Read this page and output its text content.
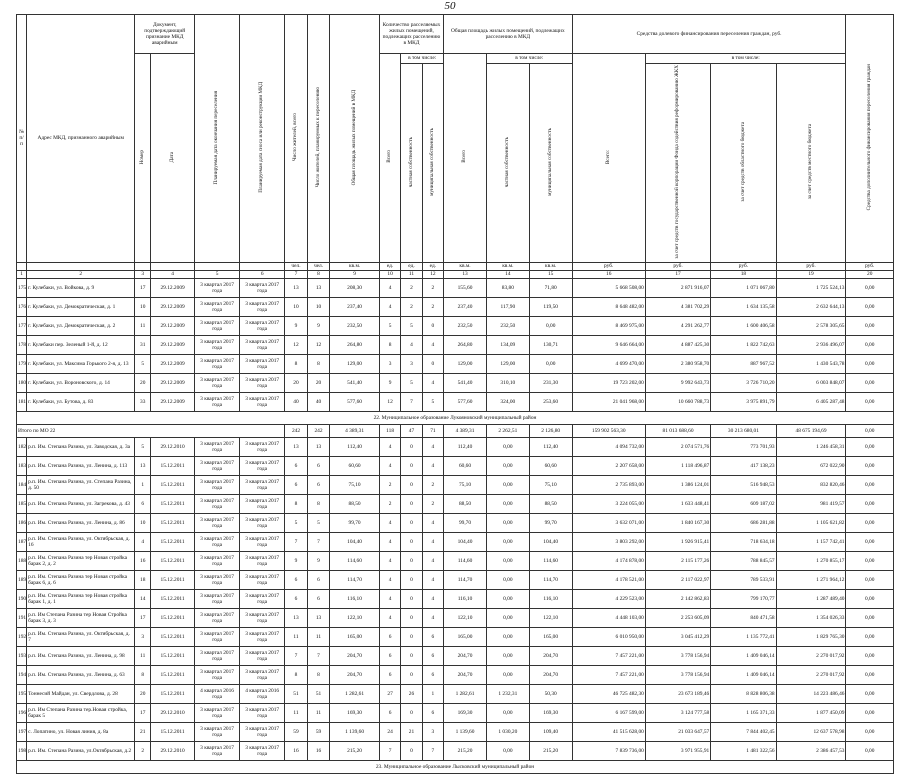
50
№ п/п	Адрес МКД, признанного аварийным	Документ, подтверждающий признание МКД аварийным		Планируемая дата окончания переселения	Планируемая дата сноса или реконструкции МКД	Число жителей, всего	Число жителей, планируемых к переселению	Общая площадь жилых помещений в МКД	Количество расселяемых жилых помещений, подлежащих расселению в МКД			Общая площадь жилых помещений, подлежащих расселению в МКД			Средства долевого финансирования переселения граждан, руб.				Средства дополнительного финансирования переселения граждан
		Номер	Дата						Всего	в том числе:		Всего	в том числе:		Всего:	в том числе:			
										частная собственность	муниципальная собственность		частная собственность	муниципальная собственность		за счет средств государственной корпорации Фонда содействия реформированию ЖКХ	за счет средств областного бюджета	за счет средств местного бюджета	
						чел.	чел.	кв.м.	ед.	ед.	ед.	кв.м.	кв.м.	кв.м.	руб.	руб.	руб.	руб.	руб.
1	2	3	4	5	6	7	8	9	10	11	12	13	14	15	16	17	18	19	20
175	г. Кулебаки, ул. Войкова, д. 9	17	29.12.2009	3 квартал 2017 года	3 квартал 2017 года	13	13	208,30	4	2	2	155,60	83,80	71,80	5 668 508,00	2 871 916,07	1 071 067,80	1 725 524,13	0,00
176	г. Кулебаки, ул. Демократическая, д. 1	10	29.12.2009	3 квартал 2017 года	3 квартал 2017 года	10	10	237,40	4	2	2	237,40	117,90	119,50	8 648 482,00	4 381 702,29	1 634 135,58	2 632 644,13	0,00
177	г. Кулебаки, ул. Демократическая, д. 2	11	29.12.2009	3 квартал 2017 года	3 квартал 2017 года	9	9	232,50	5	5	0	232,50	232,50	0,00	8 469 975,00	4 291 262,77	1 600 406,58	2 578 305,65	0,00
178	г. Кулебаки пер. Зеленый 1-й, д. 12	31	29.12.2009	3 квартал 2017 года	3 квартал 2017 года	12	12	264,80	8	4	4	264,80	134,09	130,71	9 646 664,00	4 887 425,30	1 822 742,63	2 936 496,07	0,00
179	г. Кулебаки, ул. Максима Горького 2-я, д. 13	5	29.12.2009	3 квартал 2017 года	3 квартал 2017 года	8	8	129,00	3	3	0	129,00	129,00	0,00	4 699 470,00	2 380 958,70	887 967,52	1 430 543,78	0,00
180	г. Кулебаки, ул. Вороновского, д. 14	20	29.12.2009	3 квартал 2017 года	3 квартал 2017 года	20	20	541,40	9	5	4	541,40	310,10	231,30	19 723 202,00	9 992 643,73	3 726 710,20	6 003 848,07	0,00
181	г. Кулебаки, ул. Бутова, д. 83	33	29.12.2009	3 квартал 2017 года	3 квартал 2017 года	40	40	577,60	12	7	5	577,60	324,00	253,60	21 041 968,00	10 660 788,73	3 975 891,79	6 405 287,48	0,00
22. Муниципальное образование Лукояновский муниципальный район																			
Итого по МО 22						242	242	4 389,31	118	47	71	4 389,31	2 262,51	2 126,80	159 902 563,30	81 013 688,60	30 213 680,01	48 675 194,69	0,00
182	р.п. Им. Степана Разина, ул. Заводская, д. 3а	5	29.12.2010	3 квартал 2017 года	3 квартал 2017 года	13	13	112,40	4	0	4	112,40	0,00	112,40	4 094 732,00	2 074 571,76	773 701,93	1 246 458,31	0,00
183	р.п. Им. Степана Разина, ул. Ленина, д. 113	13	15.12.2011	3 квартал 2017 года	3 квартал 2017 года	6	6	60,60	4	0	4	60,60	0,00	60,60	2 207 658,00	1 118 496,87	417 138,23	672 022,90	0,00
184	р.п. Им. Степана Разина, ул. Степана Разина, д. 50	1	15.12.2011	3 квартал 2017 года	3 квартал 2017 года	6	6	75,10	2	0	2	75,10	0,00	75,10	2 735 893,00	1 386 124,01	516 948,53	832 820,46	0,00
185	р.п. Им. Степана Разина, ул. Загрекова, д. 43	6	15.12.2011	3 квартал 2017 года	3 квартал 2017 года	8	8	88,50	2	0	2	88,50	0,00	88,50	3 224 055,00	1 633 448,41	609 187,02	981 419,57	0,00
186	р.п. Им. Степана Разина, ул. Ленина, д. 86	10	15.12.2011	3 квартал 2017 года	3 квартал 2017 года	5	5	99,70	4	0	4	99,70	0,00	99,70	3 632 071,00	1 840 167,30	686 281,88	1 105 621,82	0,00
187	р.п. Им. Степана Разина, ул. Октябрьская, д. 16	4	15.12.2011	3 квартал 2017 года	3 квартал 2017 года	7	7	104,40	4	0	4	104,40	0,00	104,40	3 803 292,00	1 926 915,41	718 634,18	1 157 742,41	0,00
188	р.п. Им. Степана Разина тер Новая стройка барак 2, д. 2	16	15.12.2011	3 квартал 2017 года	3 квартал 2017 года	9	9	114,60	4	0	4	114,60	0,00	114,60	4 174 878,00	2 115 177,26	788 845,57	1 270 855,17	0,00
189	р.п. Им. Степана Разина тер Новая стройка барак 6, д. 6	18	15.12.2011	3 квартал 2017 года	3 квартал 2017 года	6	6	114,70	4	0	4	114,70	0,00	114,70	4 178 521,00	2 117 022,97	789 533,91	1 271 964,12	0,00
190	р.п. Им. Степана Разина тер Новая стройка барак 1, д. 1	14	15.12.2011	3 квартал 2017 года	3 квартал 2017 года	6	6	116,10	4	0	4	116,10	0,00	116,10	4 229 523,00	2 142 862,83	799 170,77	1 287 489,40	0,00
191	р.п. Им Степана Разина тер Новая Стройка барак 3, д. 3	17	15.12.2011	3 квартал 2017 года	3 квартал 2017 года	13	13	122,10	4	0	4	122,10	0,00	122,10	4 448 103,00	2 253 605,09	840 471,58	1 354 026,33	0,00
192	р.п. Им. Степана Разина, ул. Октябрьская, д. 7	3	15.12.2011	3 квартал 2017 года	3 квартал 2017 года	11	11	165,00	6	0	6	165,00	0,00	165,00	6 010 950,00	3 045 412,29	1 135 772,41	1 829 765,30	0,00
193	р.п. Им. Степана Разина, ул. Ленина, д. 98	11	15.12.2011	3 квартал 2017 года	3 квартал 2017 года	7	7	204,70	6	0	6	204,70	0,00	204,70	7 457 221,00	3 778 156,94	1 409 046,14	2 270 017,92	0,00
194	р.п. Им. Степана Разина, ул. Ленина, д. 63	8	15.12.2011	3 квартал 2017 года	3 квартал 2017 года	8	8	204,70	6	0	6	204,70	0,00	204,70	7 457 221,00	3 778 156,94	1 409 046,14	2 270 017,92	0,00
195	Тоннесий Майдан, ул. Свердлова, д. 28	20	15.12.2011	4 квартал 2016 года	4 квартал 2016 года	51	51	1 282,61	27	26	1	1 282,61	1 232,31	50,30	46 725 482,30	23 673 189,46	8 828 806,38	14 223 486,46	0,00
196	р.п. Им Степана Разина тер.Новая стройка, барак 5	17	29.12.2010	3 квартал 2017 года	3 квартал 2017 года	11	11	169,30	6	0	6	169,30	0,00	169,30	6 167 599,00	3 124 777,58	1 165 371,33	1 877 450,09	0,00
197	с. Лопатино, ул. Новая линия, д. 8а	21	15.12.2011	3 квартал 2017 года	3 квартал 2017 года	59	59	1 139,60	24	21	3	1 139,60	1 030,20	109,40	41 515 628,00	21 033 647,57	7 844 402,45	12 637 578,98	0,00
198	р.п. Им. Степана Разина, ул.Октябрьская, д.2	2	29.12.2010	3 квартал 2017 года	3 квартал 2017 года	16	16	215,20	7	0	7	215,20	0,00	215,20	7 839 736,00	3 971 955,91	1 481 322,56	2 386 457,53	0,00
23. Муниципальное образование Лысковский муниципальный район																			
